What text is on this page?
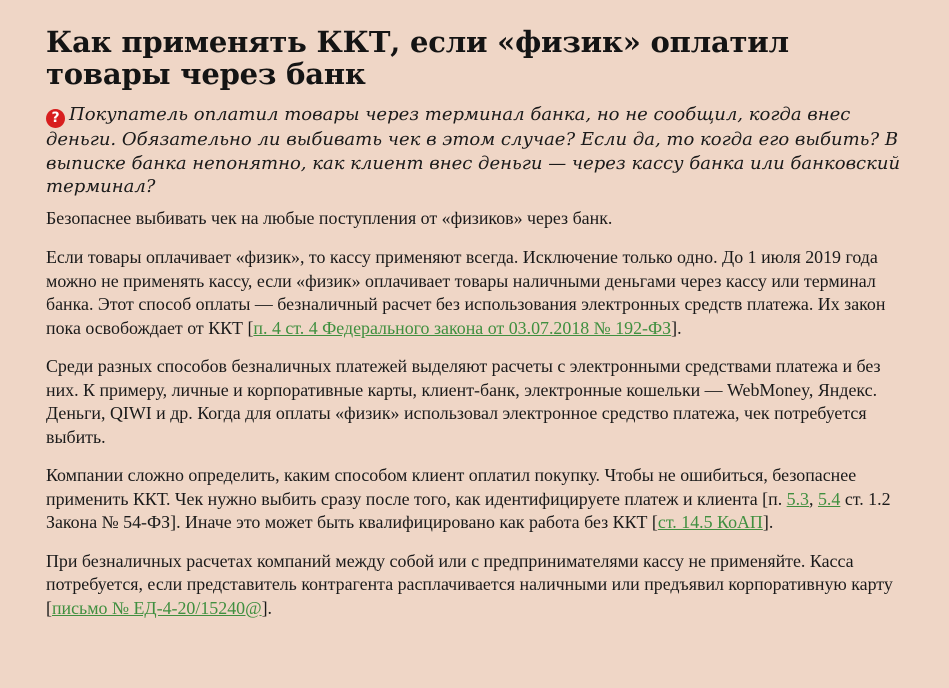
Как применять ККТ, если «физик» оплатил товары через банк
? Покупатель оплатил товары через терминал банка, но не сообщил, когда внес деньги. Обязательно ли выбивать чек в этом случае? Если да, то когда его выбить? В выписке банка непонятно, как клиент внес деньги — через кассу банка или банковский терминал?

Безопаснее выбивать чек на любые поступления от «физиков» через банк.

Если товары оплачивает «физик», то кассу применяют всегда. Исключение только одно. До 1 июля 2019 года можно не применять кассу, если «физик» оплачивает товары наличными деньгами через кассу или терминал банка. Этот способ оплаты — безналичный расчет без использования электронных средств платежа. Их закон пока освобождает от ККТ [п. 4 ст. 4 Федерального закона от 03.07.2018 № 192-ФЗ].

Среди разных способов безналичных платежей выделяют расчеты с электронными средствами платежа и без них. К примеру, личные и корпоративные карты, клиент-банк, электронные кошельки — WebMoney, Яндекс. Деньги, QIWI и др. Когда для оплаты «физик» использовал электронное средство платежа, чек потребуется выбить.

Компании сложно определить, каким способом клиент оплатил покупку. Чтобы не ошибиться, безопаснее применить ККТ. Чек нужно выбить сразу после того, как идентифицируете платеж и клиента [п. 5.3, 5.4 ст. 1.2 Закона № 54-ФЗ]. Иначе это может быть квалифицировано как работа без ККТ [ст. 14.5 КоАП].

При безналичных расчетах компаний между собой или с предпринимателями кассу не применяйте. Касса потребуется, если представитель контрагента расплачивается наличными или предъявил корпоративную карту [письмо № ЕД-4-20/15240@].
